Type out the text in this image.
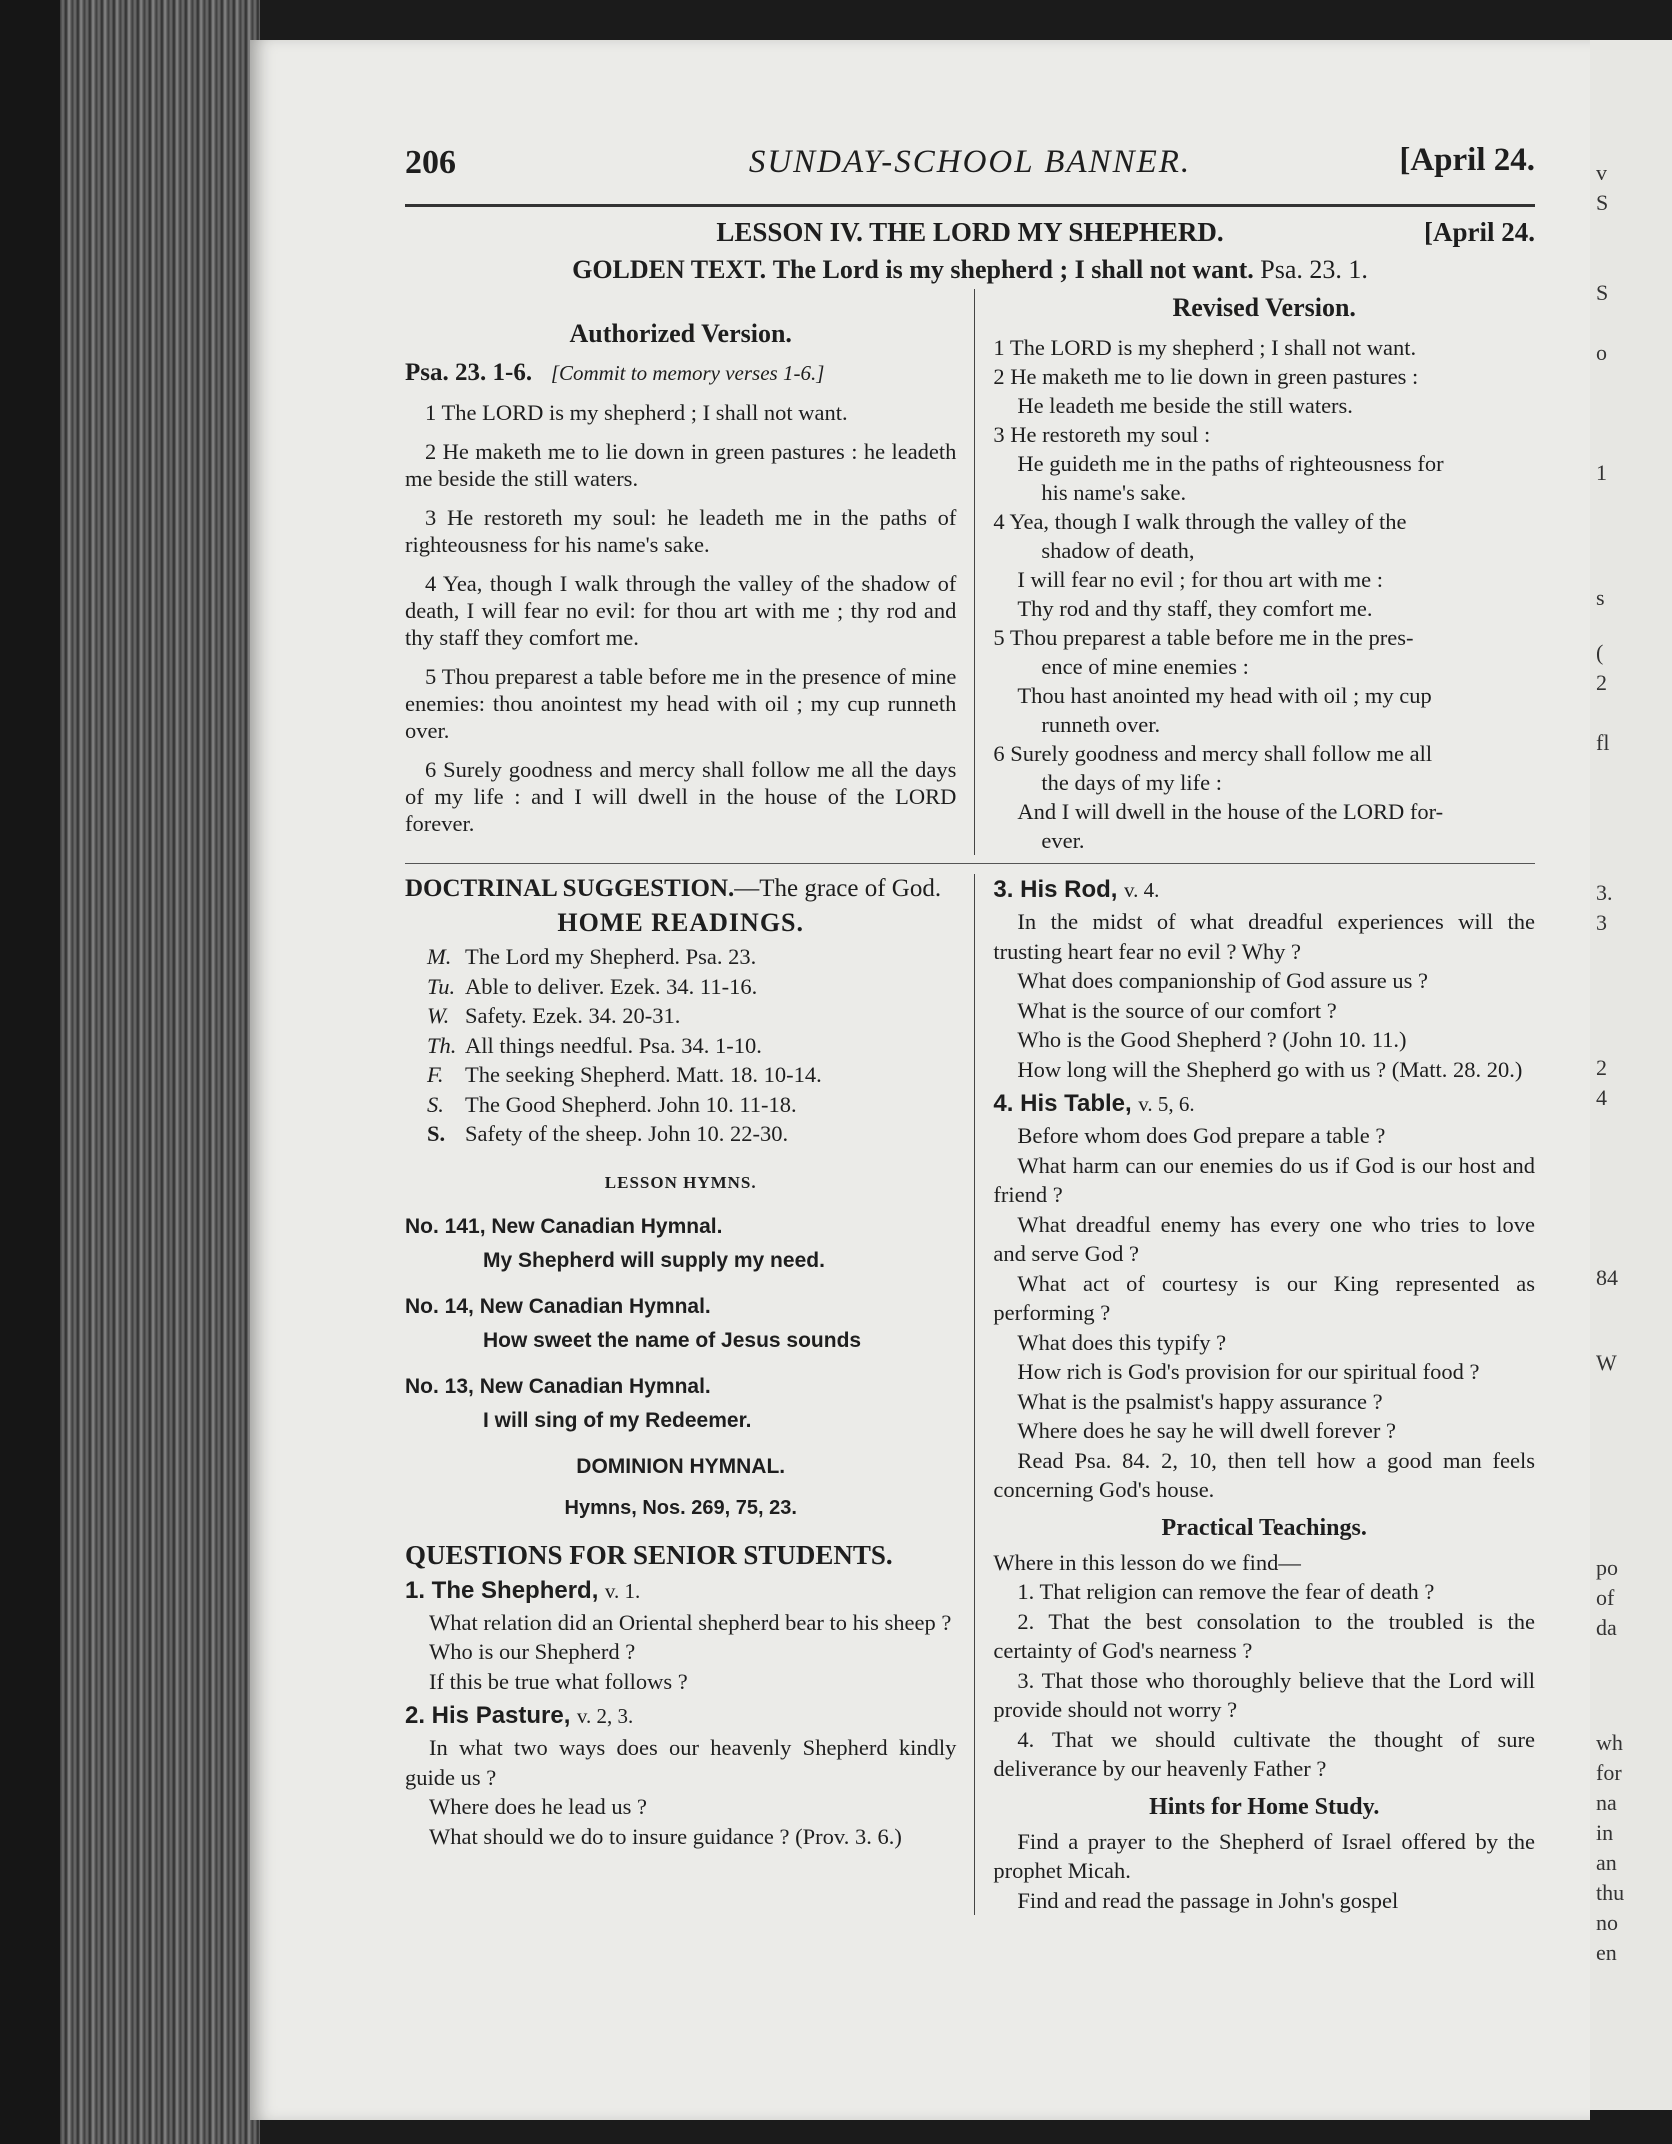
v
S
S
o
1
s
(
2
fl
3.
3
2
4
84
W
po
of
da
wh
for
na
in
an
thu
no
en
SUNDAY-SCHOOL BANNER.
206	[April 24.
LESSON IV. THE LORD MY SHEPHERD.	[April 24.
GOLDEN TEXT. The Lord is my shepherd ; I shall not want. Psa. 23. 1.
Authorized Version.
Psa. 23. 1-6. [Commit to memory verses 1-6.]

1 The LORD is my shepherd ; I shall not want.

2 He maketh me to lie down in green pastures : he leadeth me beside the still waters.

3 He restoreth my soul: he leadeth me in the paths of righteousness for his name's sake.

4 Yea, though I walk through the valley of the shadow of death, I will fear no evil: for thou art with me ; thy rod and thy staff they comfort me.

5 Thou preparest a table before me in the presence of mine enemies: thou anointest my head with oil ; my cup runneth over.

6 Surely goodness and mercy shall follow me all the days of my life : and I will dwell in the house of the LORD forever.

Revised Version.
1 The LORD is my shepherd ; I shall not want.
2 He maketh me to lie down in green pastures :
He leadeth me beside the still waters.
3 He restoreth my soul :
He guideth me in the paths of righteousness for
his name's sake.
4 Yea, though I walk through the valley of the
shadow of death,
I will fear no evil ; for thou art with me :
Thy rod and thy staff, they comfort me.
5 Thou preparest a table before me in the pres-
ence of mine enemies :
Thou hast anointed my head with oil ; my cup
runneth over.
6 Surely goodness and mercy shall follow me all
the days of my life :
And I will dwell in the house of the LORD for-
ever.
DOCTRINAL SUGGESTION.—The grace of God.
HOME READINGS.
M. The Lord my Shepherd. Psa. 23.
Tu. Able to deliver. Ezek. 34. 11-16.
W. Safety. Ezek. 34. 20-31.
Th. All things needful. Psa. 34. 1-10.
F. The seeking Shepherd. Matt. 18. 10-14.
S. The Good Shepherd. John 10. 11-18.
S. Safety of the sheep. John 10. 22-30.
LESSON HYMNS.
No. 141, New Canadian Hymnal.
My Shepherd will supply my need.
No. 14, New Canadian Hymnal.
How sweet the name of Jesus sounds
No. 13, New Canadian Hymnal.
I will sing of my Redeemer.
DOMINION HYMNAL.
Hymns, Nos. 269, 75, 23.
QUESTIONS FOR SENIOR STUDENTS.
1. The Shepherd, v. 1.

What relation did an Oriental shepherd bear to his sheep ?

Who is our Shepherd ?

If this be true what follows ?

2. His Pasture, v. 2, 3.

In what two ways does our heavenly Shepherd kindly guide us ?

Where does he lead us ?

What should we do to insure guidance ? (Prov. 3. 6.)

3. His Rod, v. 4.

In the midst of what dreadful experiences will the trusting heart fear no evil ? Why ?

What does companionship of God assure us ?

What is the source of our comfort ?

Who is the Good Shepherd ? (John 10. 11.)

How long will the Shepherd go with us ? (Matt. 28. 20.)

4. His Table, v. 5, 6.

Before whom does God prepare a table ?

What harm can our enemies do us if God is our host and friend ?

What dreadful enemy has every one who tries to love and serve God ?

What act of courtesy is our King represented as performing ?

What does this typify ?

How rich is God's provision for our spiritual food ?

What is the psalmist's happy assurance ?

Where does he say he will dwell forever ?

Read Psa. 84. 2, 10, then tell how a good man feels concerning God's house.

Practical Teachings.

Where in this lesson do we find—

1. That religion can remove the fear of death ?

2. That the best consolation to the troubled is the certainty of God's nearness ?

3. That those who thoroughly believe that the Lord will provide should not worry ?

4. That we should cultivate the thought of sure deliverance by our heavenly Father ?

Hints for Home Study.

Find a prayer to the Shepherd of Israel offered by the prophet Micah.

Find and read the passage in John's gospel
